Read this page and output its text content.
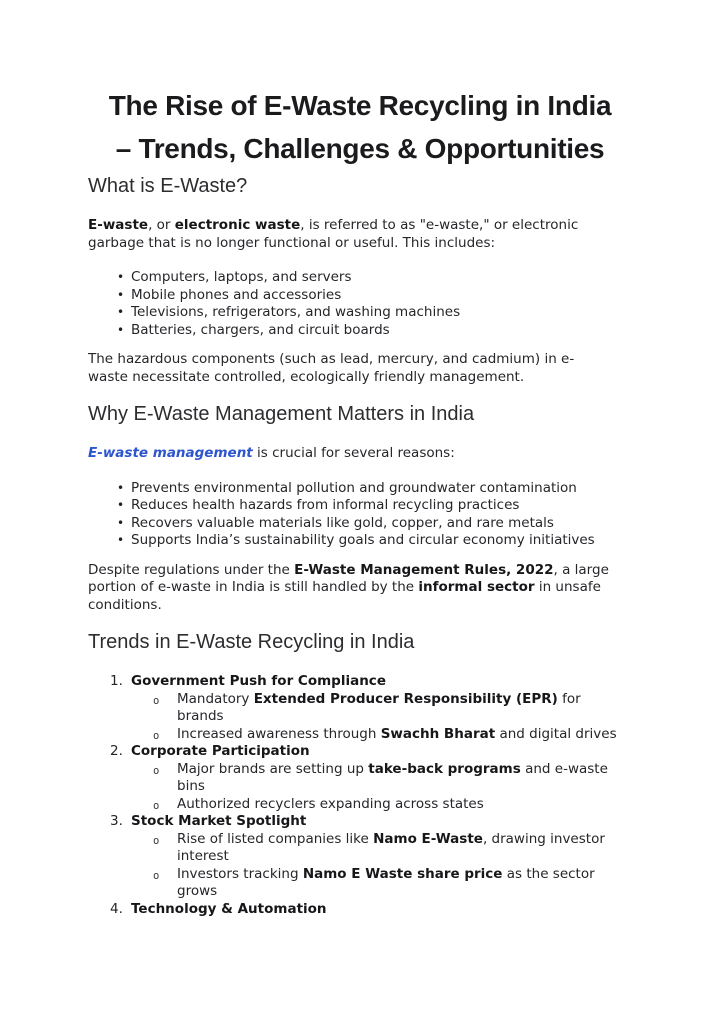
The Rise of E-Waste Recycling in India
– Trends, Challenges & Opportunities
What is E-Waste?

E-waste, or electronic waste, is referred to as "e-waste," or electronic
garbage that is no longer functional or useful. This includes:

• Computers, laptops, and servers
• Mobile phones and accessories
• Televisions, refrigerators, and washing machines
• Batteries, chargers, and circuit boards

The hazardous components (such as lead, mercury, and cadmium) in e-
waste necessitate controlled, ecologically friendly management.

Why E-Waste Management Matters in India

E-waste management is crucial for several reasons:

• Prevents environmental pollution and groundwater contamination
• Reduces health hazards from informal recycling practices
• Recovers valuable materials like gold, copper, and rare metals
• Supports India’s sustainability goals and circular economy initiatives

Despite regulations under the E-Waste Management Rules, 2022, a large
portion of e-waste in India is still handled by the informal sector in unsafe
conditions.

Trends in E-Waste Recycling in India
1. Government Push for Compliance
o Mandatory Extended Producer Responsibility (EPR) for
brands
o Increased awareness through Swachh Bharat and digital drives
2. Corporate Participation
o Major brands are setting up take-back programs and e-waste
bins
o Authorized recyclers expanding across states
3. Stock Market Spotlight
o Rise of listed companies like Namo E-Waste, drawing investor
interest
o Investors tracking Namo E Waste share price as the sector
grows
4. Technology & Automation
